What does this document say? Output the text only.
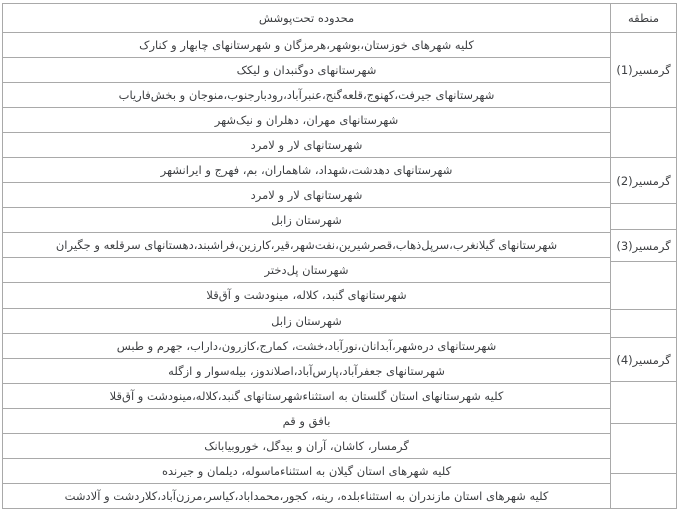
محدوده تحت‌پوشش
کلیه شهرهای خوزستان،بوشهر،هرمزگان و شهرستانهای چابهار و کنارک
شهرستانهای دوگنبدان و لیکک
شهرستانهای جیرفت،کهنوج،قلعه‌گنج،عنبرآباد،رودبارجنوب،منوجان و بخش‌فاریاب
شهرستانهای مهران، دهلران و نیک‌شهر
شهرستانهای لار و لامرد
شهرستانهای دهدشت،شهداد، شاهماران، بم، فهرج و ایرانشهر
شهرستانهای لار و لامرد
شهرستان زابل
شهرستانهای گیلانغرب،سرپل‌ذهاب،قصرشیرین،نفت‌شهر،قیر،کارزین،فراشبند،دهستانهای سرقلعه و جگیران
شهرستان پل‌دختر
شهرستانهای گنبد، کلاله، مینودشت و آق‌قلا
شهرستان زابل
شهرستانهای دره‌شهر،آبدانان،نورآباد،خشت، کمارج،کازرون،داراب، جهرم و طبس
شهرستانهای جعفرآباد،پارس‌آباد،اصلاندوز، بیله‌سوار و ازگله
کلیه شهرستانهای استان گلستان به استثناءشهرستانهای گنبد،کلاله،مینودشت و آق‌قلا
بافق و قم
گرمسار، کاشان، آران و بیدگل، خوروبیابانک
کلیه شهرهای استان گیلان به استثناءماسوله، دیلمان و جیرنده
کلیه شهرهای استان مازندران به استثناءبلده، رینه، کجور،محمداباد،کیاسر،مرزن‌آباد،کلاردشت و آلادشت
منطقه
گرمسیر(1)
گرمسیر(2)
گرمسیر(3)
گرمسیر(4)
